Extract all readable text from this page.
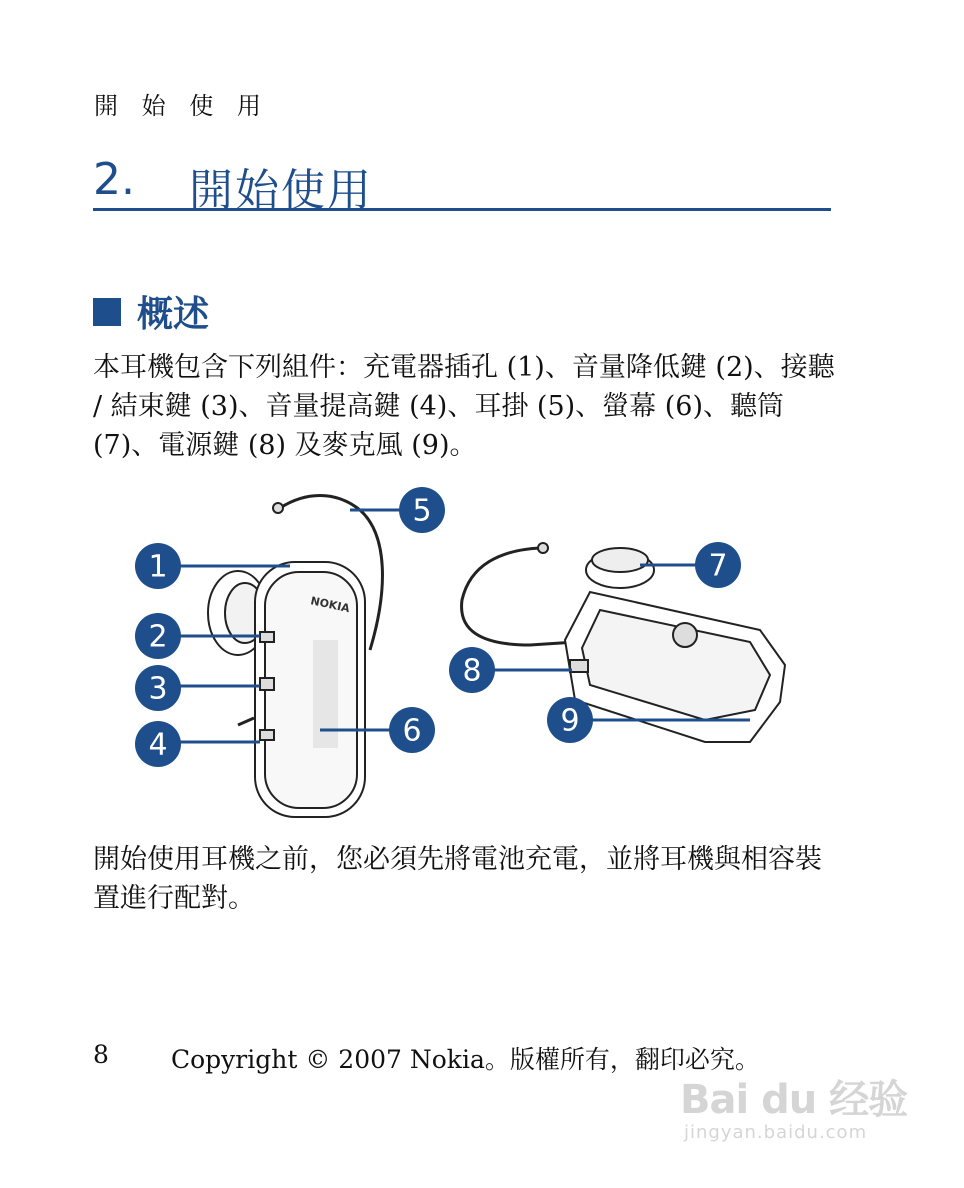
開 始 使 用
2. 開始使用
概述
本耳機包含下列組件：充電器插孔 (1)、音量降低鍵 (2)、接聽 / 結束鍵 (3)、音量提高鍵 (4)、耳掛 (5)、螢幕 (6)、聽筒 (7)、電源鍵 (8) 及麥克風 (9)。
NOKIA
1
2
3
4
5
6
7
8
9
開始使用耳機之前，您必須先將電池充電，並將耳機與相容裝置進行配對。
8 Copyright © 2007 Nokia。版權所有，翻印必究。
Bai du 经验
jingyan.baidu.com
